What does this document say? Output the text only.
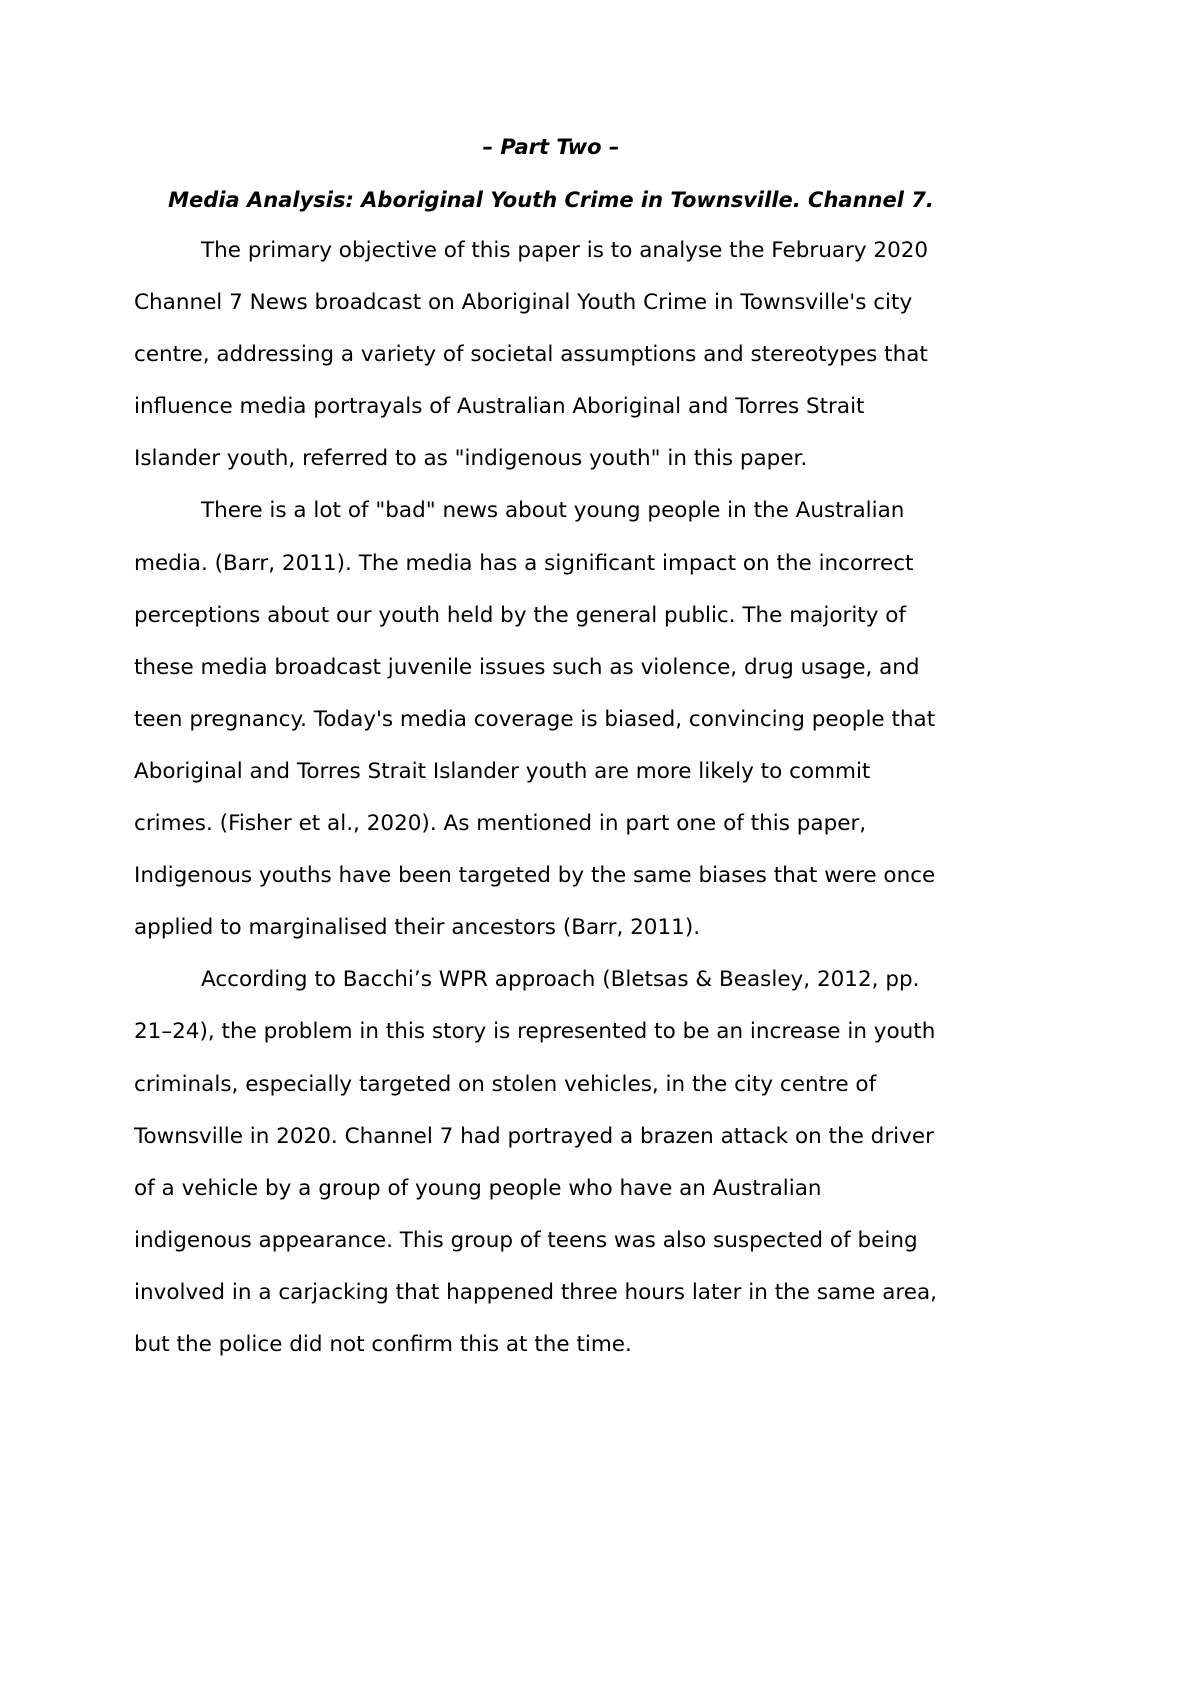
– Part Two –
Media Analysis: Aboriginal Youth Crime in Townsville. Channel 7.
The primary objective of this paper is to analyse the February 2020
Channel 7 News broadcast on Aboriginal Youth Crime in Townsville's city
centre, addressing a variety of societal assumptions and stereotypes that
influence media portrayals of Australian Aboriginal and Torres Strait
Islander youth, referred to as "indigenous youth" in this paper.
There is a lot of "bad" news about young people in the Australian
media. (Barr, 2011). The media has a significant impact on the incorrect
perceptions about our youth held by the general public. The majority of
these media broadcast juvenile issues such as violence, drug usage, and
teen pregnancy. Today's media coverage is biased, convincing people that
Aboriginal and Torres Strait Islander youth are more likely to commit
crimes. (Fisher et al., 2020). As mentioned in part one of this paper,
Indigenous youths have been targeted by the same biases that were once
applied to marginalised their ancestors (Barr, 2011).
According to Bacchi’s WPR approach (Bletsas & Beasley, 2012, pp.
21–24), the problem in this story is represented to be an increase in youth
criminals, especially targeted on stolen vehicles, in the city centre of
Townsville in 2020. Channel 7 had portrayed a brazen attack on the driver
of a vehicle by a group of young people who have an Australian
indigenous appearance. This group of teens was also suspected of being
involved in a carjacking that happened three hours later in the same area,
but the police did not confirm this at the time.
